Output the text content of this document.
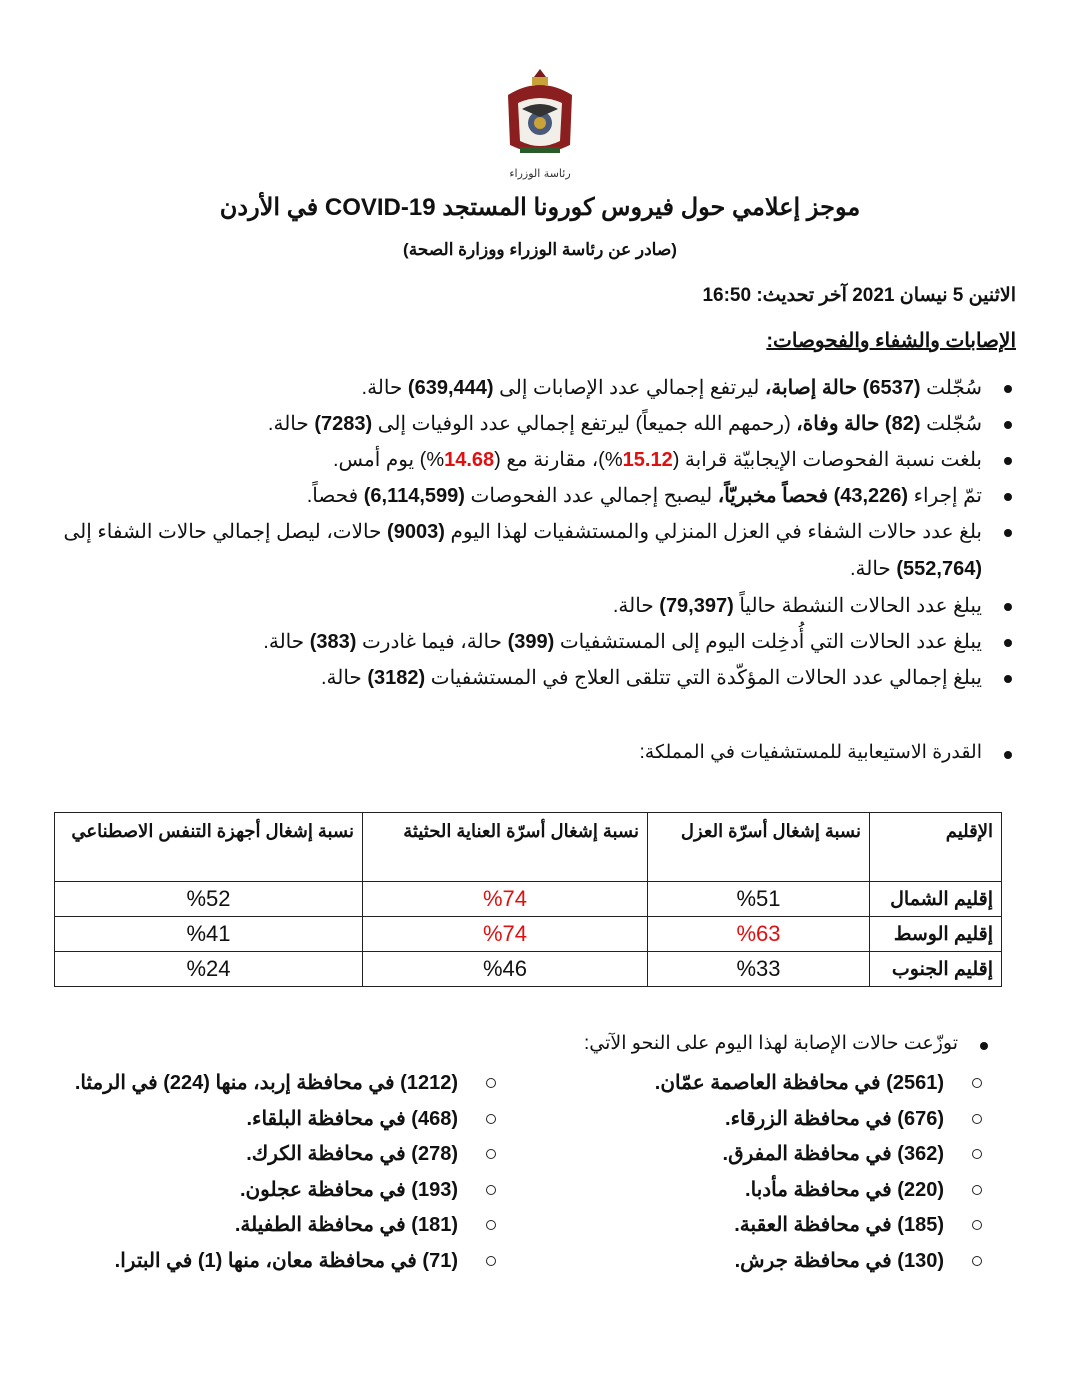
رئاسة الوزراء
موجز إعلامي حول فيروس كورونا المستجد COVID-19 في الأردن
(صادر عن رئاسة الوزراء ووزارة الصحة)
الاثنين 5 نيسان 2021 آخر تحديث: 16:50
الإصابات والشفاء والفحوصات:
سُجّلت (6537) حالة إصابة، ليرتفع إجمالي عدد الإصابات إلى (639,444) حالة.
سُجّلت (82) حالة وفاة، (رحمهم الله جميعاً) ليرتفع إجمالي عدد الوفيات إلى (7283) حالة.
بلغت نسبة الفحوصات الإيجابيّة قرابة (15.12%)، مقارنة مع (14.68%) يوم أمس.
تمّ إجراء (43,226) فحصاً مخبريّاً، ليصبح إجمالي عدد الفحوصات (6,114,599) فحصاً.
بلغ عدد حالات الشفاء في العزل المنزلي والمستشفيات لهذا اليوم (9003) حالات، ليصل إجمالي حالات الشفاء إلى (552,764) حالة.
يبلغ عدد الحالات النشطة حالياً (79,397) حالة.
يبلغ عدد الحالات التي أُدخِلت اليوم إلى المستشفيات (399) حالة، فيما غادرت (383) حالة.
يبلغ إجمالي عدد الحالات المؤكّدة التي تتلقى العلاج في المستشفيات (3182) حالة.
القدرة الاستيعابية للمستشفيات في المملكة:
الإقليم	نسبة إشغال أسرّة العزل	نسبة إشغال أسرّة العناية الحثيثة	نسبة إشغال أجهزة التنفس الاصطناعي
إقليم الشمال	%51	%74	%52
إقليم الوسط	%63	%74	%41
إقليم الجنوب	%33	%46	%24
توزّعت حالات الإصابة لهذا اليوم على النحو الآتي:
(2561) في محافظة العاصمة عمّان.
(676) في محافظة الزرقاء.
(362) في محافظة المفرق.
(220) في محافظة مأدبا.
(185) في محافظة العقبة.
(130) في محافظة جرش.
(1212) في محافظة إربد، منها (224) في الرمثا.
(468) في محافظة البلقاء.
(278) في محافظة الكرك.
(193) في محافظة عجلون.
(181) في محافظة الطفيلة.
(71) في محافظة معان، منها (1) في البترا.
